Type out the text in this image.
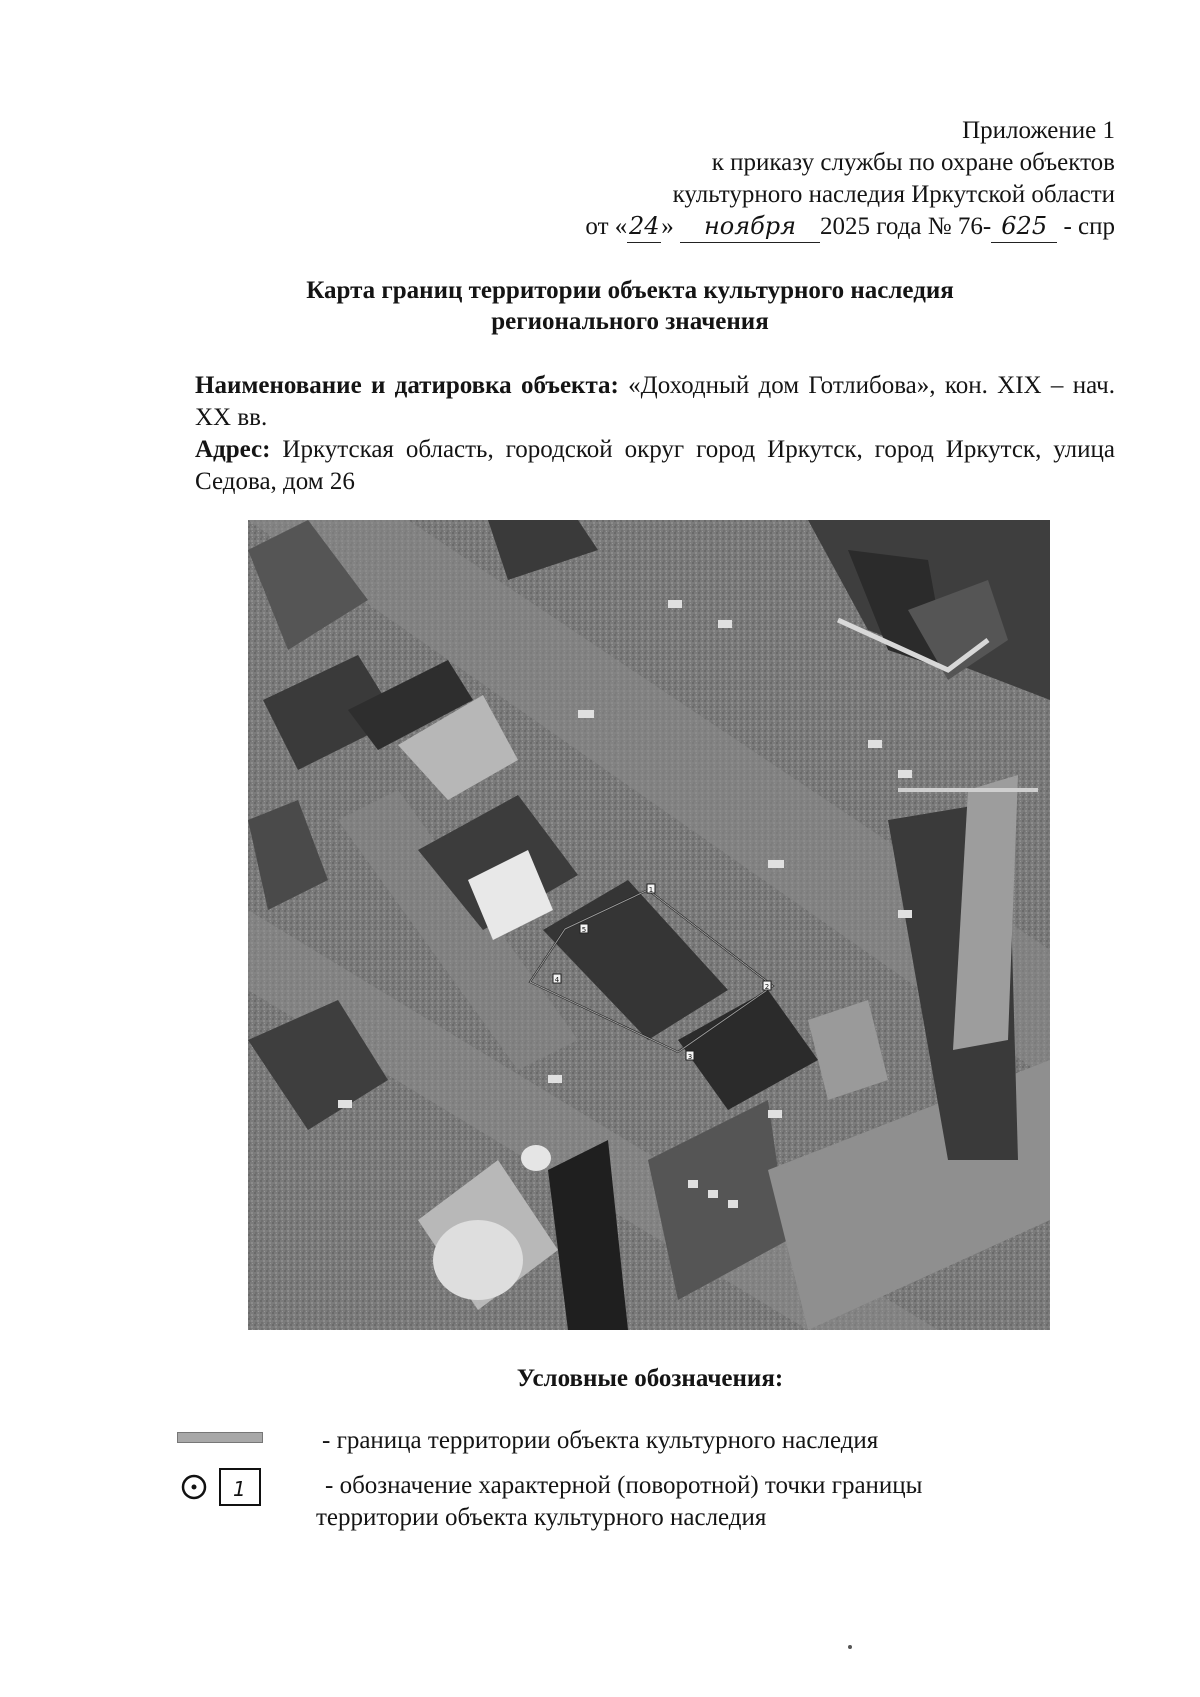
Приложение 1
к приказу службы по охране объектов
культурного наследия Иркутской области
от «24» ноября 2025 года № 76- 625 - спр
Карта границ территории объекта культурного наследия
регионального значения
Наименование и датировка объекта: «Доходный дом Готлибова», кон. XIX – нач. XX вв.
Адрес: Иркутская область, городской округ город Иркутск, город Иркутск, улица Седова, дом 26
1
2
3
4
5
Условные обозначения:
- граница территории объекта культурного наследия
1	- обозначение характерной (поворотной) точки границы
территории объекта культурного наследия
